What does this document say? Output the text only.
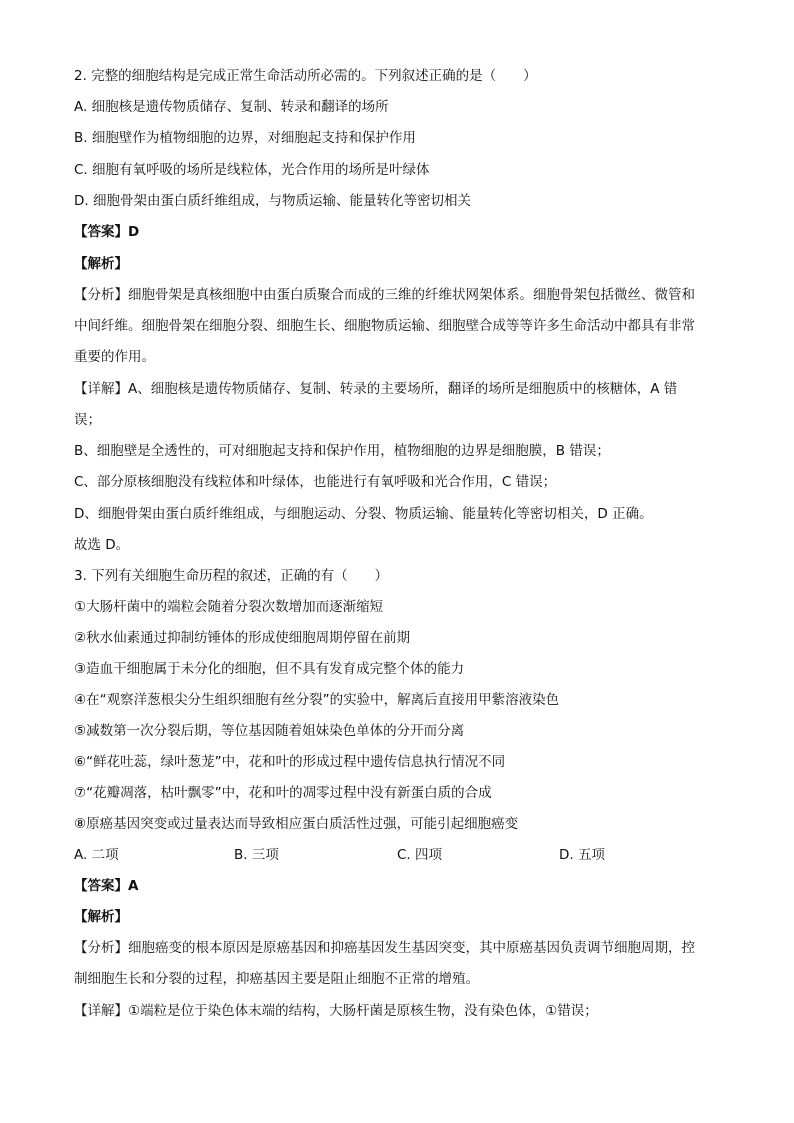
2. 完整的细胞结构是完成正常生命活动所必需的。下列叙述正确的是（　　）
A. 细胞核是遗传物质储存、复制、转录和翻译的场所
B. 细胞壁作为植物细胞的边界，对细胞起支持和保护作用
C. 细胞有氧呼吸的场所是线粒体，光合作用的场所是叶绿体
D. 细胞骨架由蛋白质纤维组成，与物质运输、能量转化等密切相关
【答案】D
【解析】
【分析】细胞骨架是真核细胞中由蛋白质聚合而成的三维的纤维状网架体系。细胞骨架包括微丝、微管和
中间纤维。细胞骨架在细胞分裂、细胞生长、细胞物质运输、细胞壁合成等等许多生命活动中都具有非常
重要的作用。
【详解】A、细胞核是遗传物质储存、复制、转录的主要场所，翻译的场所是细胞质中的核糖体，A 错
误；
B、细胞壁是全透性的，可对细胞起支持和保护作用，植物细胞的边界是细胞膜，B 错误；
C、部分原核细胞没有线粒体和叶绿体，也能进行有氧呼吸和光合作用，C 错误；
D、细胞骨架由蛋白质纤维组成，与细胞运动、分裂、物质运输、能量转化等密切相关，D 正确。
故选 D。
3. 下列有关细胞生命历程的叙述，正确的有（　　）
①大肠杆菌中的端粒会随着分裂次数增加而逐渐缩短
②秋水仙素通过抑制纺锤体的形成使细胞周期停留在前期
③造血干细胞属于未分化的细胞，但不具有发育成完整个体的能力
④在“观察洋葱根尖分生组织细胞有丝分裂”的实验中，解离后直接用甲紫溶液染色
⑤减数第一次分裂后期，等位基因随着姐妹染色单体的分开而分离
⑥“鲜花吐蕊，绿叶葱茏”中，花和叶的形成过程中遗传信息执行情况不同
⑦“花瓣凋落，枯叶飘零”中，花和叶的凋零过程中没有新蛋白质的合成
⑧原癌基因突变或过量表达而导致相应蛋白质活性过强，可能引起细胞癌变
A. 二项	B. 三项	C. 四项	D. 五项
【答案】A
【解析】
【分析】细胞癌变的根本原因是原癌基因和抑癌基因发生基因突变，其中原癌基因负责调节细胞周期，控
制细胞生长和分裂的过程，抑癌基因主要是阻止细胞不正常的增殖。
【详解】①端粒是位于染色体末端的结构，大肠杆菌是原核生物，没有染色体，①错误；
